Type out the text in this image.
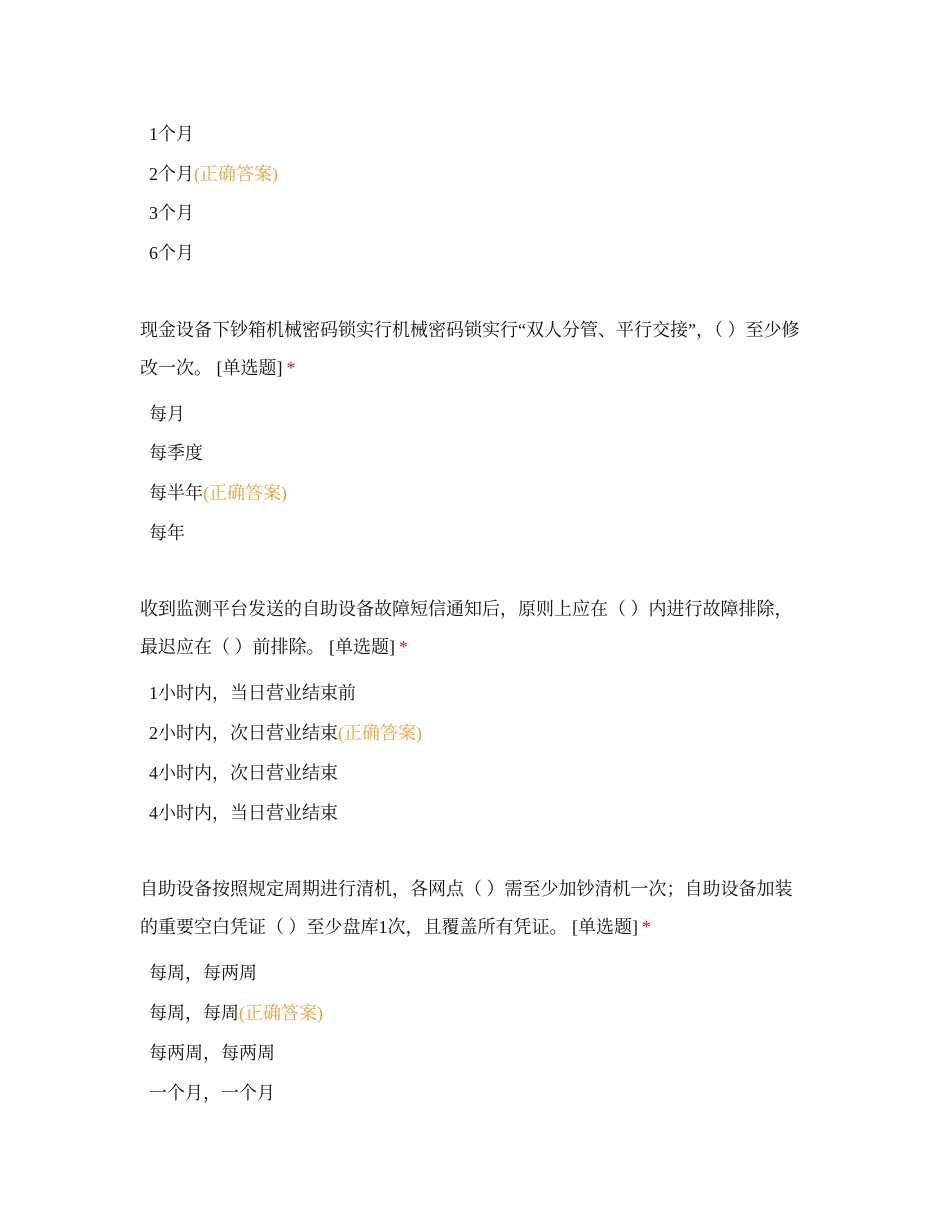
1个月
2个月(正确答案)
3个月
6个月
现金设备下钞箱机械密码锁实行机械密码锁实行“双人分管、平行交接”，（ ）至少修改一次。 [单选题] *
每月
每季度
每半年(正确答案)
每年
收到监测平台发送的自助设备故障短信通知后，原则上应在（ ）内进行故障排除，最迟应在（ ）前排除。 [单选题] *
1小时内，当日营业结束前
2小时内，次日营业结束(正确答案)
4小时内，次日营业结束
4小时内，当日营业结束
自助设备按照规定周期进行清机，各网点（ ）需至少加钞清机一次；自助设备加装的重要空白凭证（ ）至少盘库1次，且覆盖所有凭证。 [单选题] *
每周，每两周
每周，每周(正确答案)
每两周，每两周
一个月，一个月
